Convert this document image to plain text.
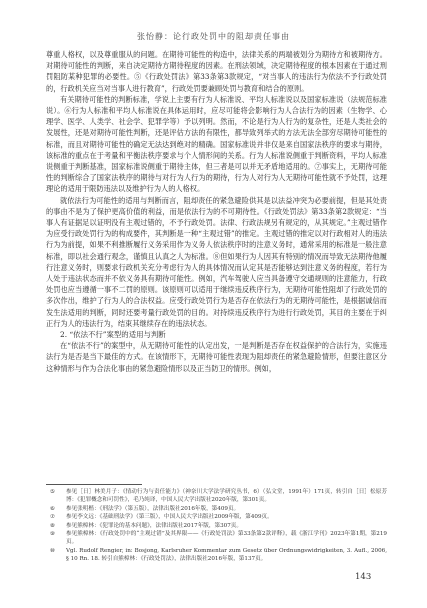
张怡静：论行政处罚中的阻却责任事由

尊重人格权，以及尊重服从的问题。在期待可能性的构造中，法律关系的两端被划分为期待方和被期待方。对期待可能性的判断，来自决定期待方期待程度的因素。在刑法领域，决定期待程度的根本因素在于通过刑罚阻防某种犯罪的必要性。⑤《行政处罚法》第33条第3款规定，“对当事人的违法行为依法不予行政处罚的，行政机关应当对当事人进行教育”，行政处罚要兼顾处罚与教育和结合的原则。

有关期待可能性的判断标准，学说上主要有行为人标准说、平均人标准说以及国家标准说（法规范标准说）。⑥行为人标准和平均人标准说在具体运用时，应尽可能将会影响行为人合法行为的因素（生物学、心理学、医学、人类学、社会学、犯罪学等）予以列明。然而，不论是行为人行为的复杂性，还是人类社会的发展性，还是对期待可能性判断，还是评估方法的有限性，都导致列举式的方法无法全部穷尽期待可能性的标准，而且对期待可能性的确定无法达到绝对的精确。国家标准说并非仅是来自国家法秩序的要求与期待，该标准的重点在于考量和平衡法秩序要求与个人情形间的关系。行为人标准说侧重于判断资料，平均人标准说侧重于判断基准，国家标准说侧重于期待主体，但三者是可以并无矛盾地适用的。⑦事实上，无期待可能性的判断综合了国家法秩序的期待与对行为人行为的期待，行为人对行为人无期待可能性就不予处罚，这理理论的适用于限防违法以及维护行为人的人格权。

就依法行为可能性的适用与判断而言，阻却责任的紧急避险供其是以法益冲突为必要前提，但是其处责的事由不是为了保护更高价值的利益，而是依法行为的不可期待性。《行政处罚法》第33条第2款规定：“当事人有证据足以证明没有主观过错的，不予行政处罚。法律、行政法规另有规定的，从其规定。”主观过错作为应受行政处罚行为的构成要件，其判断是一种“主观过错”的推定。主观过错的推定以对行政相对人的违法行为为前提，如果不利推断履行义务采用作为义务人依法秩序时的注意义务时，通常采用的标准是一般注意标准，即以社会通行观念，谨慎且认真之人为标准。⑧但如果行为人因其有特别的情况而导致无法期待他履行注意义务时，则要求行政机关充分考虑行为人的具体情况而认定其是否能够达到注意义务的程度，若行为人处于违法状态而并不依义务具有期待可能性。例如，汽车驾驶人应当具备遵守交通规则的注意能力，行政处罚也应当遵循一事不二罚的原则。该原则可以适用于继续违反秩序行为，无期待可能性阻却了行政处罚的多次作出，维护了行为人的合法权益。应受行政处罚行为是否存在依法行为的无期待可能性，是根据诚信而发生法适用的判断，同时还要考量行政处罚的目的。对持续违反秩序行为进行行政处罚，其目的主要在于纠正行为人的违法行为，结束其继续存在的违法状态。

2. “依法不行”案型的适用与判断

在“依法不行”的案型中，从无期待可能性的认定出发，一是判断是否存在权益保护的合法行为，实施违法行为是否是当下最佳的方式。在该情形下，无期待可能性表现为阻却责任的紧急避险情形，但要注意区分这种情形与作为合法化事由的紧急避险情形以及正当防卫的情形。例如，

⑤	参见［日］林美月子：《情动行为与责任能力》（神奈川大学法学研究丛书，6）（弘文堂，1991年）171页，转引自［日］松原芳博：《犯罪概念和可罚性》，毛乃纯译，中国人民大学出版社2020年版，第301页。
⑥	参见张明楷：《刑法学》（第五版），法律出版社2016年版，第409页。
⑦	参见李文远：《基础刑法学》（第三版），中国人民大学出版社2009年版，第409页。
⑧	参见熊樟林：《犯罪论的基本问题》，法律出版社2017年版，第307页。
⑨	参见熊樟林：《行政处罚中的“主观过错”及其界限——《行政处罚法》第33条第2款评释》，载《浙江学刊》2023年第1期，第219页。
⑩	Vgl. Rudolf Rengier, in: Bosjong, Karlsruher Kommentar zum Gesetz über Ordnungswidrigkeiten, 3. Aufl., 2006, § 10 Rn. 18. 转引自熊樟林：《行政处罚法》，法律出版社2016年版，第137页。
143
